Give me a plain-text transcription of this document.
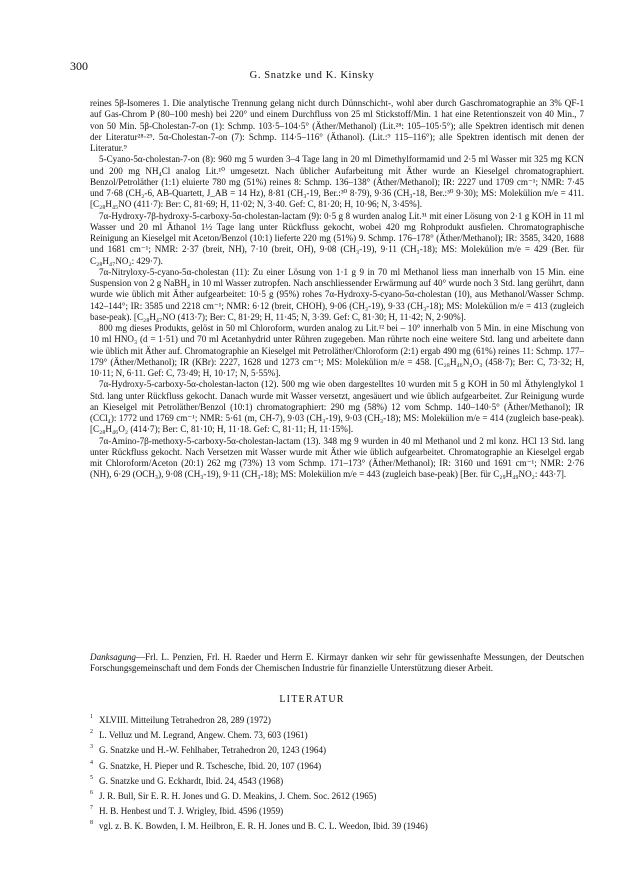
300
G. Snatzke und K. Kinsky

reines 5β-Isomeres 1. Die analytische Trennung gelang nicht durch Dünnschicht-, wohl aber durch Gaschromatographie an 3% QF-1 auf Gas-Chrom P (80–100 mesh) bei 220° und einem Durchfluss von 25 ml Stickstoff/Min. 1 hat eine Retentionszeit von 40 Min., 7 von 50 Min. 5β-Cholestan-7-on (1): Schmp. 103·5–104·5° (Äther/Methanol) (Lit.²⁸: 105–105·5°); alle Spektren identisch mit denen der Literatur²⁸·²⁹. 5α-Cholestan-7-on (7): Schmp. 114·5–116° (Äthanol). (Lit.:⁹ 115–116°); alle Spektren identisch mit denen der Literatur.⁹

5-Cyano-5α-cholestan-7-on (8): 960 mg 5 wurden 3–4 Tage lang in 20 ml Dimethylformamid und 2·5 ml Wasser mit 325 mg KCN und 200 mg NH₄Cl analog Lit.¹⁰ umgesetzt. Nach üblicher Aufarbeitung mit Äther wurde an Kieselgel chromatographiert. Benzol/Petroläther (1:1) eluierte 780 mg (51%) reines 8: Schmp. 136–138° (Äther/Methanol); IR: 2227 und 1709 cm⁻¹; NMR: 7·45 und 7·68 (CH₂-6, AB-Quartett, J_AB = 14 Hz), 8·81 (CH₃-19, Ber.:³⁰ 8·79), 9·36 (CH₃-18, Ber.:³⁰ 9·30); MS: Molekülion m/e = 411. [C₂₈H₄₅NO (411·7): Ber: C, 81·69; H, 11·02; N, 3·40. Gef: C, 81·20; H, 10·96; N, 3·45%].

7α-Hydroxy-7β-hydroxy-5-carboxy-5α-cholestan-lactam (9): 0·5 g 8 wurden analog Lit.³¹ mit einer Lösung von 2·1 g KOH in 11 ml Wasser und 20 ml Äthanol 1½ Tage lang unter Rückfluss gekocht, wobei 420 mg Rohprodukt ausfielen. Chromatographische Reinigung an Kieselgel mit Aceton/Benzol (10:1) lieferte 220 mg (51%) 9. Schmp. 176–178° (Äther/Methanol); IR: 3585, 3420, 1688 und 1681 cm⁻¹; NMR: 2·37 (breit, NH), 7·10 (breit, OH), 9·08 (CH₃-19), 9·11 (CH₃-18); MS: Molekülion m/e = 429 (Ber. für C₂₈H₄₇NO₂: 429·7).

7α-Nitryloxy-5-cyano-5α-cholestan (11): Zu einer Lösung von 1·1 g 9 in 70 ml Methanol liess man innerhalb von 15 Min. eine Suspension von 2 g NaBH₄ in 10 ml Wasser zutropfen. Nach anschliessender Erwärmung auf 40° wurde noch 3 Std. lang gerührt, dann wurde wie üblich mit Äther aufgearbeitet: 10·5 g (95%) rohes 7α-Hydroxy-5-cyano-5α-cholestan (10), aus Methanol/Wasser Schmp. 142–144°; IR: 3585 und 2218 cm⁻¹; NMR: 6·12 (breit, CHOH), 9·06 (CH₃-19), 9·33 (CH₃-18); MS: Molekülion m/e = 413 (zugleich base-peak). [C₂₈H₄₇NO (413·7); Ber: C, 81·29; H, 11·45; N, 3·39. Gef: C, 81·30; H, 11·42; N, 2·90%].

800 mg dieses Produkts, gelöst in 50 ml Chloroform, wurden analog zu Lit.¹² bei – 10° innerhalb von 5 Min. in eine Mischung von 10 ml HNO₃ (d = 1·51) und 70 ml Acetanhydrid unter Rühren zugegeben. Man rührte noch eine weitere Std. lang und arbeitete dann wie üblich mit Äther auf. Chromatographie an Kieselgel mit Petroläther/Chloroform (2:1) ergab 490 mg (61%) reines 11: Schmp. 177–179° (Äther/Methanol); IR (KBr): 2227, 1628 und 1273 cm⁻¹; MS: Molekülion m/e = 458. [C₂₈H₄₆N₂O₃ (458·7); Ber: C, 73·32; H, 10·11; N, 6·11. Gef: C, 73·49; H, 10·17; N, 5·55%].

7α-Hydroxy-5-carboxy-5α-cholestan-lacton (12). 500 mg wie oben dargestelltes 10 wurden mit 5 g KOH in 50 ml Äthylenglykol 1 Std. lang unter Rückfluss gekocht. Danach wurde mit Wasser versetzt, angesäuert und wie üblich aufgearbeitet. Zur Reinigung wurde an Kieselgel mit Petroläther/Benzol (10:1) chromatographiert: 290 mg (58%) 12 vom Schmp. 140–140·5° (Äther/Methanol); IR (CCl₄): 1772 und 1769 cm⁻¹; NMR: 5·61 (m, CH-7), 9·03 (CH₃-19), 9·03 (CH₃-18); MS: Molekülion m/e = 414 (zugleich base-peak). [C₂₈H₄₆O₂ (414·7); Ber: C, 81·10; H, 11·18. Gef: C, 81·11; H, 11·15%].

7α-Amino-7β-methoxy-5-carboxy-5α-cholestan-lactam (13). 348 mg 9 wurden in 40 ml Methanol und 2 ml konz. HCl 13 Std. lang unter Rückfluss gekocht. Nach Versetzen mit Wasser wurde mit Äther wie üblich aufgearbeitet. Chromatographie an Kieselgel ergab mit Chloroform/Aceton (20:1) 262 mg (73%) 13 vom Schmp. 171–173° (Äther/Methanol); IR: 3160 und 1691 cm⁻¹; NMR: 2·76 (NH), 6·29 (OCH₃), 9·08 (CH₃-19), 9·11 (CH₃-18); MS: Molekülion m/e = 443 (zugleich base-peak) [Ber. für C₂₉H₄₉NO₂: 443·7].

Danksagung—Frl. L. Penzien, Frl. H. Raeder und Herrn E. Kirmayr danken wir sehr für gewissenhafte Messungen, der Deutschen Forschungsgemeinschaft und dem Fonds der Chemischen Industrie für finanzielle Unterstützung dieser Arbeit.
LITERATUR
1 XLVIII. Mitteilung Tetrahedron 28, 289 (1972)
2 L. Velluz und M. Legrand, Angew. Chem. 73, 603 (1961)
3 G. Snatzke und H.-W. Fehlhaber, Tetrahedron 20, 1243 (1964)
4 G. Snatzke, H. Pieper und R. Tschesche, Ibid. 20, 107 (1964)
5 G. Snatzke und G. Eckhardt, Ibid. 24, 4543 (1968)
6 J. R. Bull, Sir E. R. H. Jones und G. D. Meakins, J. Chem. Soc. 2612 (1965)
7 H. B. Henbest und T. J. Wrigley, Ibid. 4596 (1959)
8 vgl. z. B. K. Bowden, I. M. Heilbron, E. R. H. Jones und B. C. L. Weedon, Ibid. 39 (1946)
